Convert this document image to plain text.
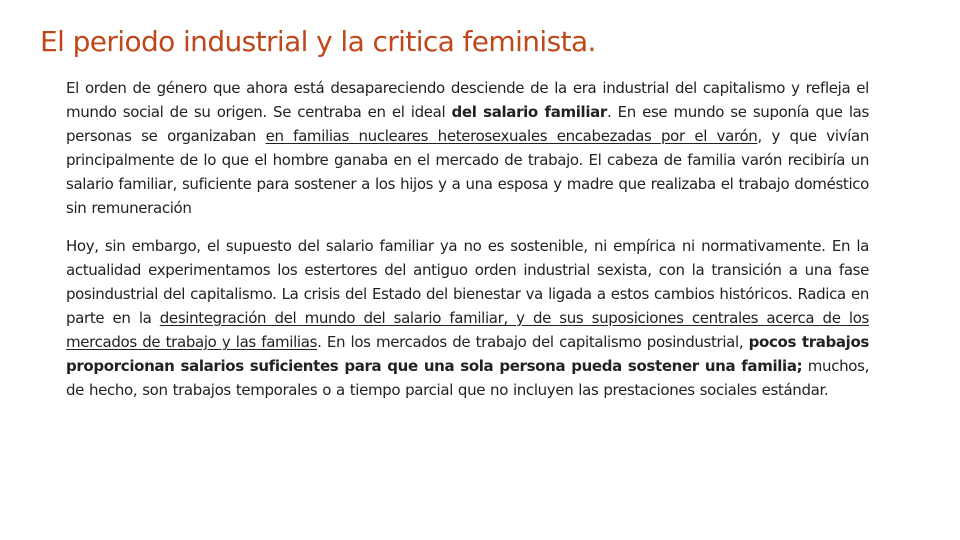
El periodo industrial y la critica feminista.

El orden de género que ahora está desapareciendo desciende de la era industrial del capitalismo y refleja el mundo social de su origen. Se centraba en el ideal del salario familiar. En ese mundo se suponía que las personas se organizaban en familias nucleares heterosexuales encabezadas por el varón, y que vivían principalmente de lo que el hombre ganaba en el mercado de trabajo. El cabeza de familia varón recibiría un salario familiar, suficiente para sostener a los hijos y a una esposa y madre que realizaba el trabajo doméstico sin remuneración

Hoy, sin embargo, el supuesto del salario familiar ya no es sostenible, ni empírica ni normativamente. En la actualidad experimentamos los estertores del antiguo orden industrial sexista, con la transición a una fase posindustrial del capitalismo. La crisis del Estado del bienestar va ligada a estos cambios históricos. Radica en parte en la desintegración del mundo del salario familiar, y de sus suposiciones centrales acerca de los mercados de trabajo y las familias. En los mercados de trabajo del capitalismo posindustrial, pocos trabajos proporcionan salarios suficientes para que una sola persona pueda sostener una familia; muchos, de hecho, son trabajos temporales o a tiempo parcial que no incluyen las prestaciones sociales estándar.
